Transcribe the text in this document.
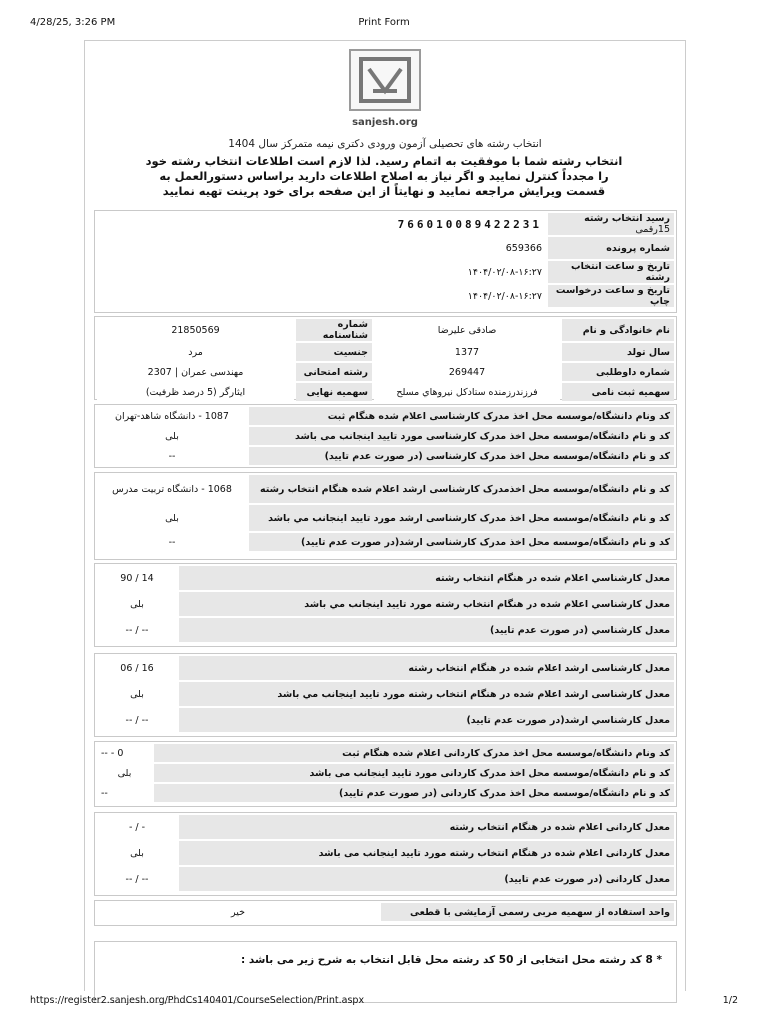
4/28/25, 3:26 PM	Print Form
sanjesh.org
انتخاب رشته های تحصیلی آزمون ورودی دکتری نیمه متمرکز سال 1404
انتخاب رشته شما با موفقیت به اتمام رسید. لذا لازم است اطلاعات انتخاب رشته خود را مجدداً کنترل نمایید و اگر نیاز به اصلاح اطلاعات دارید براساس دستورالعمل به قسمت ویرایش مراجعه نمایید و نهایتاً از این صفحه برای خود پرینت تهیه نمایید
رسید انتخاب رشته 15رقمی	766010089422231
شماره پرونده	659366
تاریخ و ساعت انتخاب رشته	۱۴۰۴/۰۲/۰۸-۱۶:۲۷
تاریخ و ساعت درخواست چاپ	۱۴۰۴/۰۲/۰۸-۱۶:۲۷
نام خانوادگی و نام	صادقی علیرضا	شماره شناسنامه	21850569
سال تولد	1377	جنسیت	مرد
شماره داوطلبی	269447	رشته امتحانی	مهندسی عمران | 2307
سهمیه ثبت نامی	فرزندرزمنده ستادکل نیروهاي مسلح	سهمیه نهایی	ایثارگر (5 درصد ظرفیت)
کد ونام دانشگاه/موسسه محل اخذ مدرک کارشناسی اعلام شده هنگام ثبت	1087 - دانشگاه شاهد-تهران
کد و نام دانشگاه/موسسه محل اخذ مدرک کارشناسی مورد تایید اینجانب می باشد	بلی
کد و نام دانشگاه/موسسه محل اخذ مدرک کارشناسی (در صورت عدم تایید)	--
کد و نام دانشگاه/موسسه محل اخذمدرک کارشناسی ارشد اعلام شده هنگام انتخاب رشته	1068 - دانشگاه تربیت مدرس
کد و نام دانشگاه/موسسه محل اخذ مدرک کارشناسی ارشد مورد تایید اینجانب مي باشد	بلی
کد و نام دانشگاه/موسسه محل اخذ مدرک کارشناسی ارشد(در صورت عدم تایید)	--
معدل کارشناسي اعلام شده در هنگام انتخاب رشته	14 / 90
معدل کارشناسي اعلام شده در هنگام انتخاب رشته مورد تایید اینجانب مي باشد	بلی
معدل کارشناسي (در صورت عدم تایید)	-- / --
معدل کارشناسی ارشد اعلام شده در هنگام انتخاب رشته	16 / 06
معدل کارشناسی ارشد اعلام شده در هنگام انتخاب رشته مورد تایید اینجانب مي باشد	بلی
معدل کارشناسي ارشد(در صورت عدم تایید)	-- / --
کد ونام دانشگاه/موسسه محل اخذ مدرک کاردانی اعلام شده هنگام ثبت	0 - --
کد و نام دانشگاه/موسسه محل اخذ مدرک کاردانی مورد تایید اینجانب می باشد	بلی
کد و نام دانشگاه/موسسه محل اخذ مدرک کاردانی (در صورت عدم تایید)	--
معدل کاردانی اعلام شده در هنگام انتخاب رشته	- / -
معدل کاردانی اعلام شده در هنگام انتخاب رشته مورد تایید اینجانب می باشد	بلی
معدل کاردانی (در صورت عدم تایید)	-- / --
واحد استفاده از سهمیه مربی رسمی آزمایشی با قطعی	خیر
* 8 کد رشته محل انتخابی از 50 کد رشته محل قابل انتخاب به شرح زیر می باشد :
https://register2.sanjesh.org/PhdCs140401/CourseSelection/Print.aspx	1/2
